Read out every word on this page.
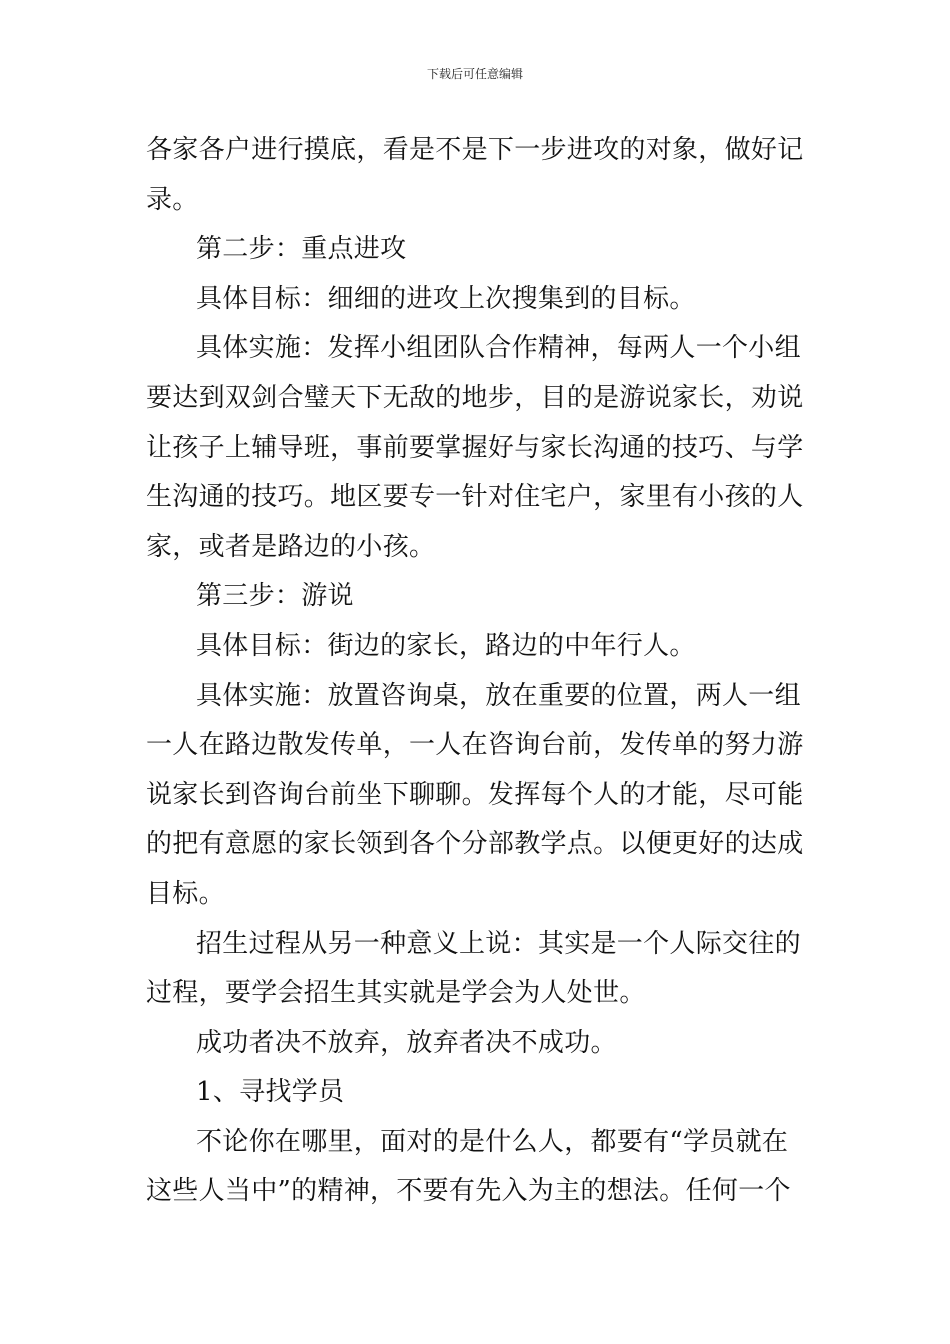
下载后可任意编辑
各家各户进行摸底，看是不是下一步进攻的对象，做好记
录。
第二步：重点进攻
具体目标：细细的进攻上次搜集到的目标。
具体实施：发挥小组团队合作精神，每两人一个小组
要达到双剑合璧天下无敌的地步，目的是游说家长，劝说
让孩子上辅导班，事前要掌握好与家长沟通的技巧、与学
生沟通的技巧。地区要专一针对住宅户，家里有小孩的人
家，或者是路边的小孩。
第三步：游说
具体目标：街边的家长，路边的中年行人。
具体实施：放置咨询桌，放在重要的位置，两人一组
一人在路边散发传单，一人在咨询台前，发传单的努力游
说家长到咨询台前坐下聊聊。发挥每个人的才能，尽可能
的把有意愿的家长领到各个分部教学点。以便更好的达成
目标。
招生过程从另一种意义上说：其实是一个人际交往的
过程，要学会招生其实就是学会为人处世。
成功者决不放弃，放弃者决不成功。
1、寻找学员
不论你在哪里，面对的是什么人，都要有“学员就在
这些人当中”的精神，不要有先入为主的想法。任何一个
